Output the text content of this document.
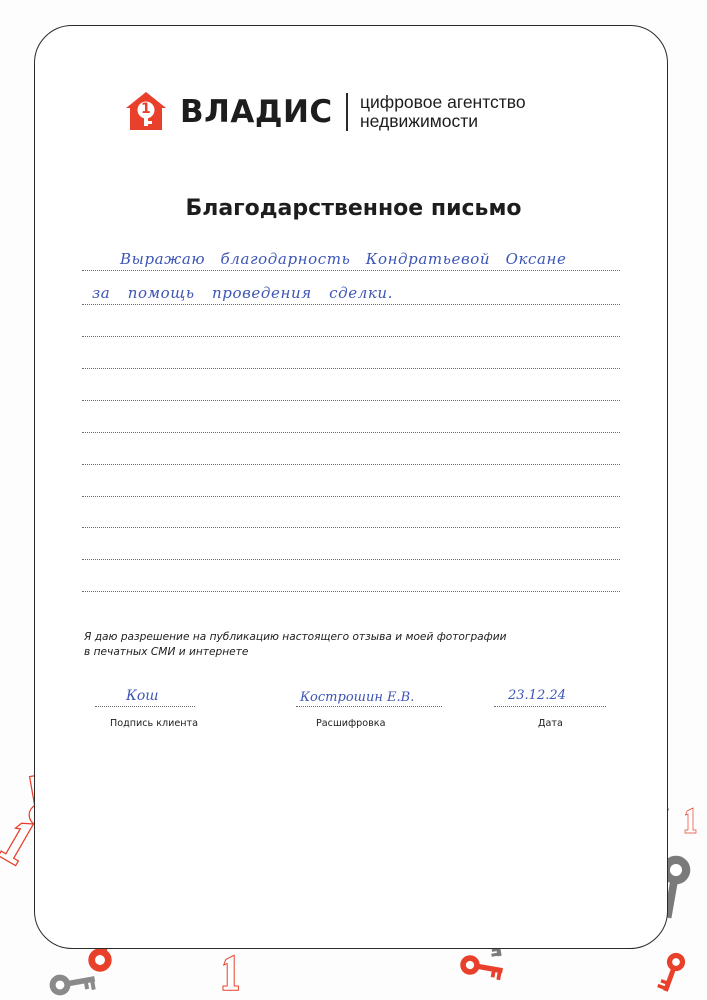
1 ВЛАДИС цифровое агентство
недвижимости
Благодарственное письмо
Выражаю благодарность Кондратьевой Оксане
за помощь проведения сделки.
Я даю разрешение на публикацию настоящего отзыва и моей фотографии
в печатных СМИ и интернете
Кош
Подпись клиента
Кострошин Е.В.
Расшифровка
23.12.24
Дата
